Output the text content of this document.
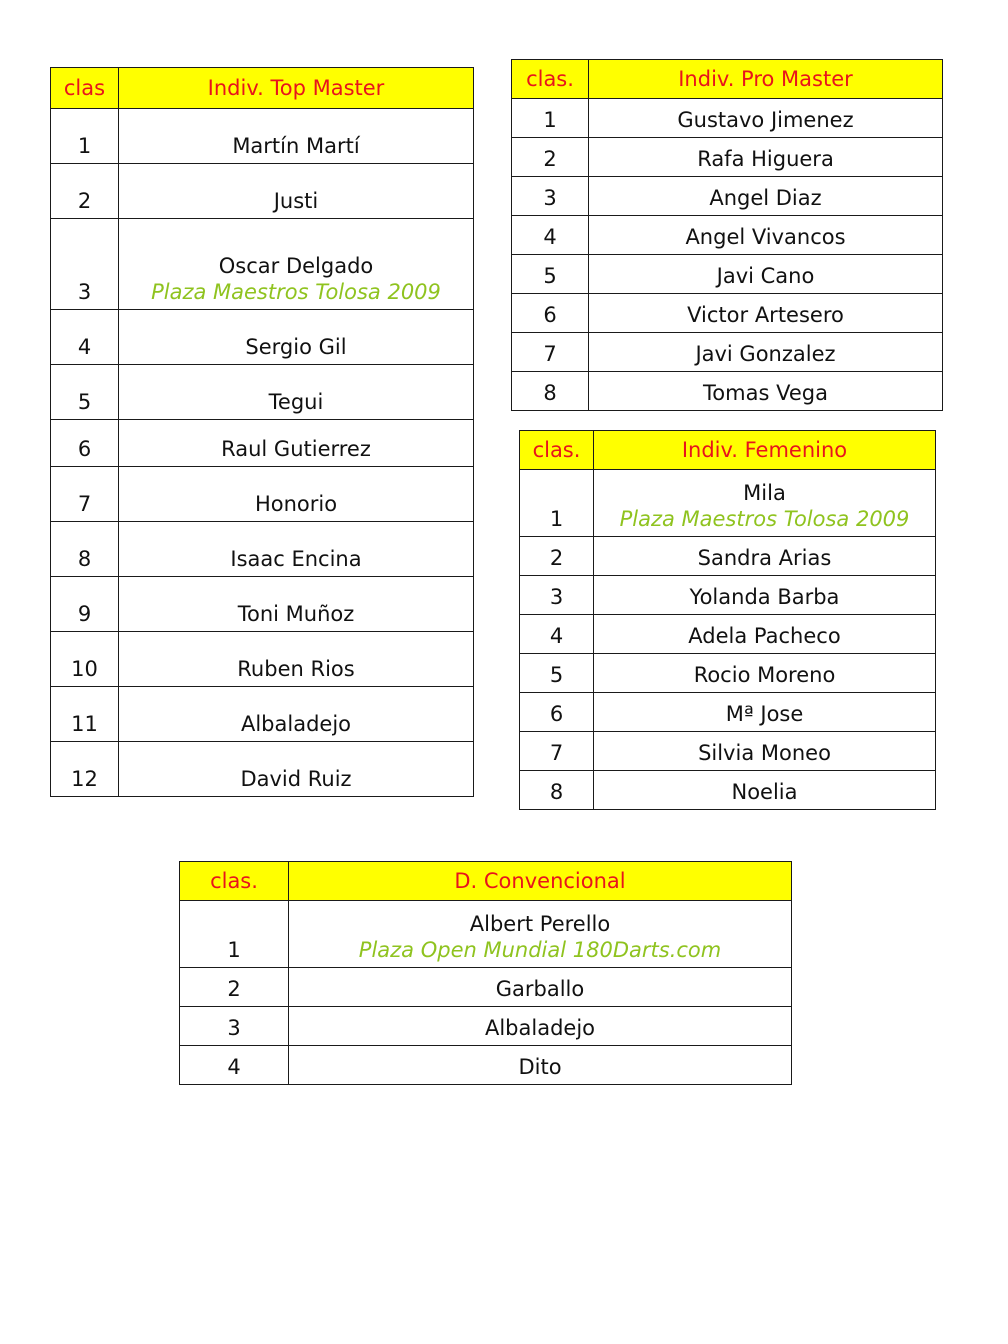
clas	Indiv. Top Master
1	Martín Martí
2	Justi
3	Oscar Delgado
Plaza Maestros Tolosa 2009

4	Sergio Gil
5	Tegui
6	Raul Gutierrez
7	Honorio
8	Isaac Encina
9	Toni Muñoz
10	Ruben Rios
11	Albaladejo
12	David Ruiz
clas.	Indiv. Pro Master
1	Gustavo Jimenez
2	Rafa Higuera
3	Angel Diaz
4	Angel Vivancos
5	Javi Cano
6	Victor Artesero
7	Javi Gonzalez
8	Tomas Vega
clas.	Indiv. Femenino
1	Mila
Plaza Maestros Tolosa 2009

2	Sandra Arias
3	Yolanda Barba
4	Adela Pacheco
5	Rocio Moreno
6	Mª Jose
7	Silvia Moneo
8	Noelia
clas.	D. Convencional
1	Albert Perello
Plaza Open Mundial 180Darts.com

2	Garballo
3	Albaladejo
4	Dito
